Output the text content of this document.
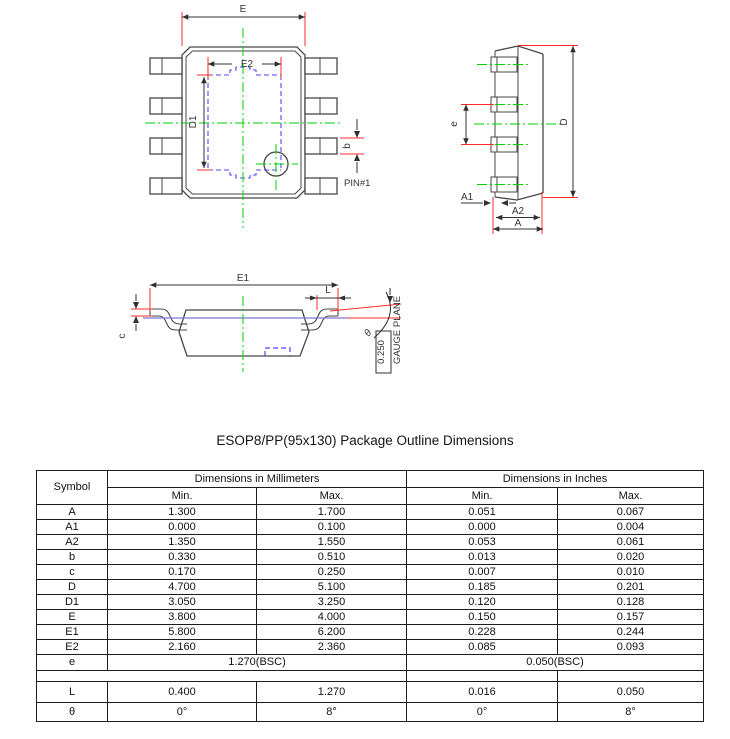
E
E2
D1
b
PIN#1
e	D
A1
A2
A
E1
L
c	θ
0.250 GAUGE PLANE
ESOP8/PP(95x130) Package Outline Dimensions
Symbol	Dimensions in Millimeters		Dimensions in Inches	
	Min.	Max.	Min.	Max.
A	1.300	1.700	0.051	0.067
A1	0.000	0.100	0.000	0.004
A2	1.350	1.550	0.053	0.061
b	0.330	0.510	0.013	0.020
c	0.170	0.250	0.007	0.010
D	4.700	5.100	0.185	0.201
D1	3.050	3.250	0.120	0.128
E	3.800	4.000	0.150	0.157
E1	5.800	6.200	0.228	0.244
E2	2.160	2.360	0.085	0.093
e	1.270(BSC)		0.050(BSC)	

L	0.400	1.270	0.016	0.050
θ	0°	8°	0°	8°
